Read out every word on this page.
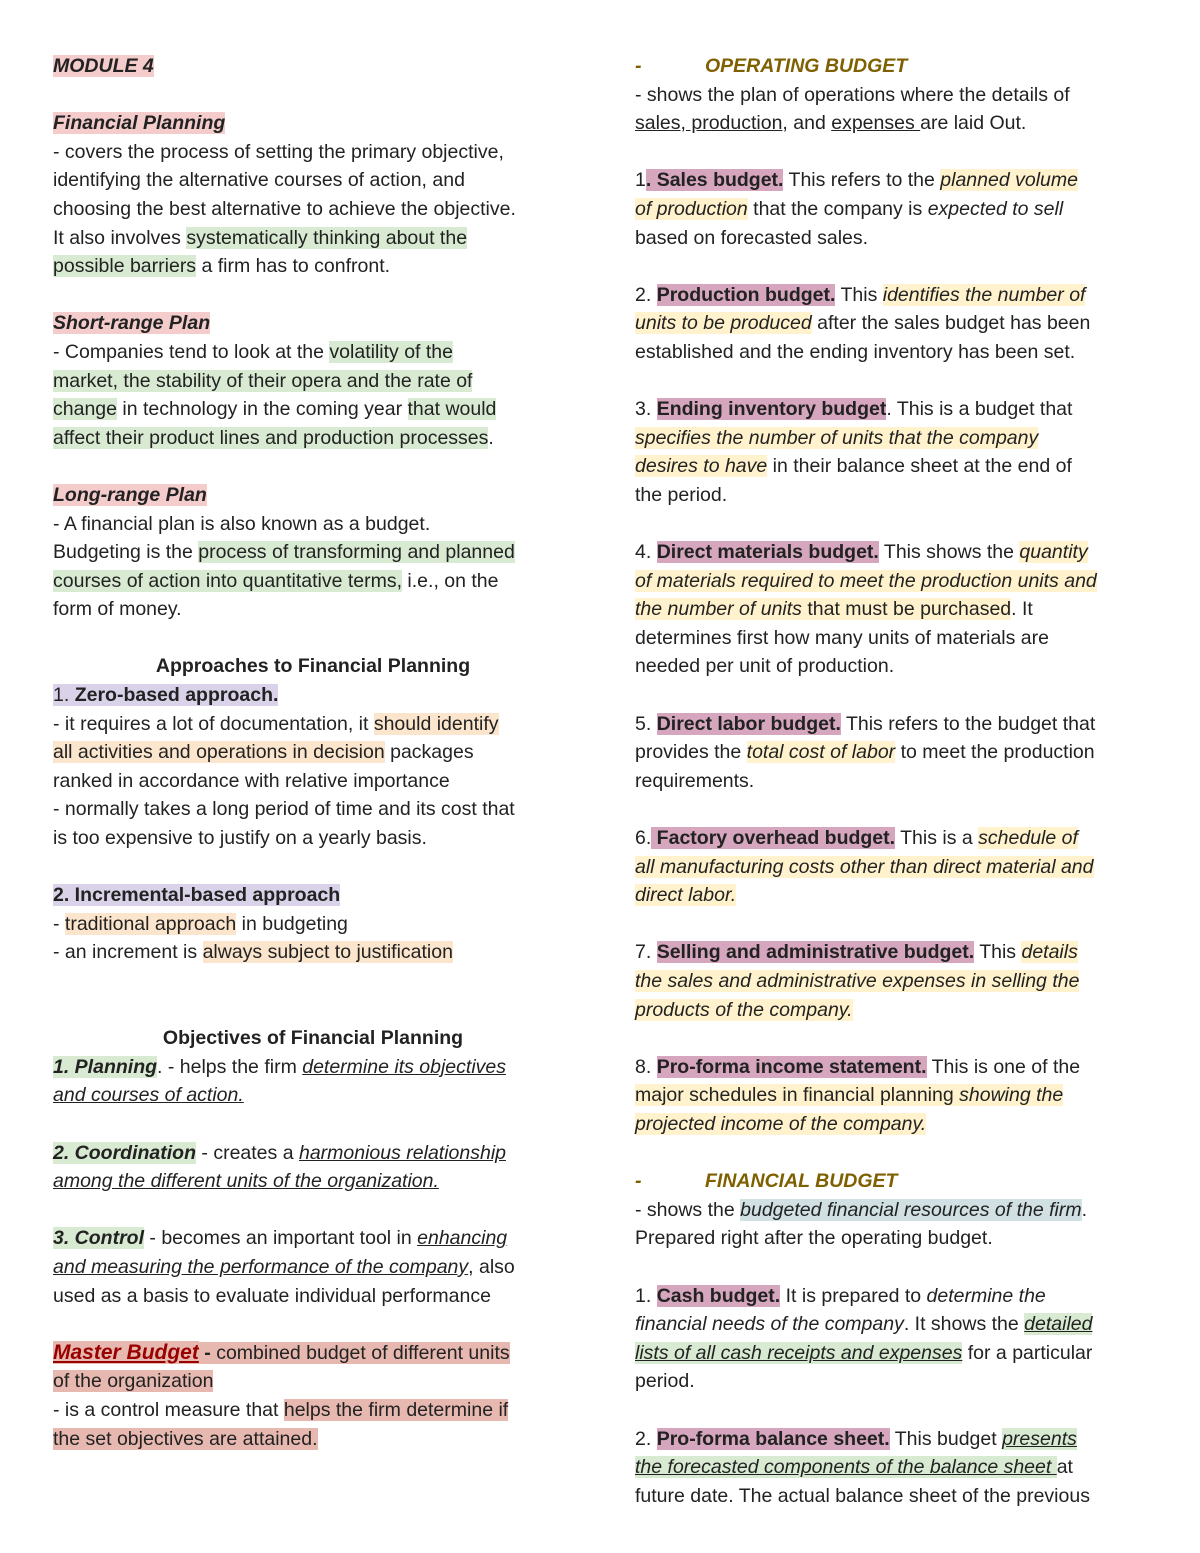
MODULE 4

Financial Planning

- covers the process of setting the primary objective,

identifying the alternative courses of action, and

choosing the best alternative to achieve the objective.

It also involves systematically thinking about the

possible barriers a firm has to confront.

Short-range Plan

- Companies tend to look at the volatility of the

market, the stability of their opera and the rate of

change in technology in the coming year that would

affect their product lines and production processes.

Long-range Plan

- A financial plan is also known as a budget.

Budgeting is the process of transforming and planned

courses of action into quantitative terms, i.e., on the

form of money.

Approaches to Financial Planning

1. Zero-based approach.

- it requires a lot of documentation, it should identify

all activities and operations in decision packages

ranked in accordance with relative importance

- normally takes a long period of time and its cost that

is too expensive to justify on a yearly basis.

2. Incremental-based approach

- traditional approach in budgeting

- an increment is always subject to justification

Objectives of Financial Planning

1. Planning. - helps the firm determine its objectives

and courses of action.

2. Coordination - creates a harmonious relationship

among the different units of the organization.

3. Control - becomes an important tool in enhancing

and measuring the performance of the company, also

used as a basis to evaluate individual performance

Master Budget - combined budget of different units

of the organization

- is a control measure that helps the firm determine if

the set objectives are attained.

-	OPERATING BUDGET

- shows the plan of operations where the details of

sales, production, and expenses are laid Out.

1. Sales budget. This refers to the planned volume

of production that the company is expected to sell

based on forecasted sales.

2. Production budget. This identifies the number of

units to be produced after the sales budget has been

established and the ending inventory has been set.

3. Ending inventory budget. This is a budget that

specifies the number of units that the company

desires to have in their balance sheet at the end of

the period.

4. Direct materials budget. This shows the quantity

of materials required to meet the production units and

the number of units that must be purchased. It

determines first how many units of materials are

needed per unit of production.

5. Direct labor budget. This refers to the budget that

provides the total cost of labor to meet the production

requirements.

6. Factory overhead budget. This is a schedule of

all manufacturing costs other than direct material and

direct labor.

7. Selling and administrative budget. This details

the sales and administrative expenses in selling the

products of the company.

8. Pro-forma income statement. This is one of the

major schedules in financial planning showing the

projected income of the company.

-	FINANCIAL BUDGET

- shows the budgeted financial resources of the firm.

Prepared right after the operating budget.

1. Cash budget. It is prepared to determine the

financial needs of the company. It shows the detailed

lists of all cash receipts and expenses for a particular

period.

2. Pro-forma balance sheet. This budget presents

the forecasted components of the balance sheet at

future date. The actual balance sheet of the previous
